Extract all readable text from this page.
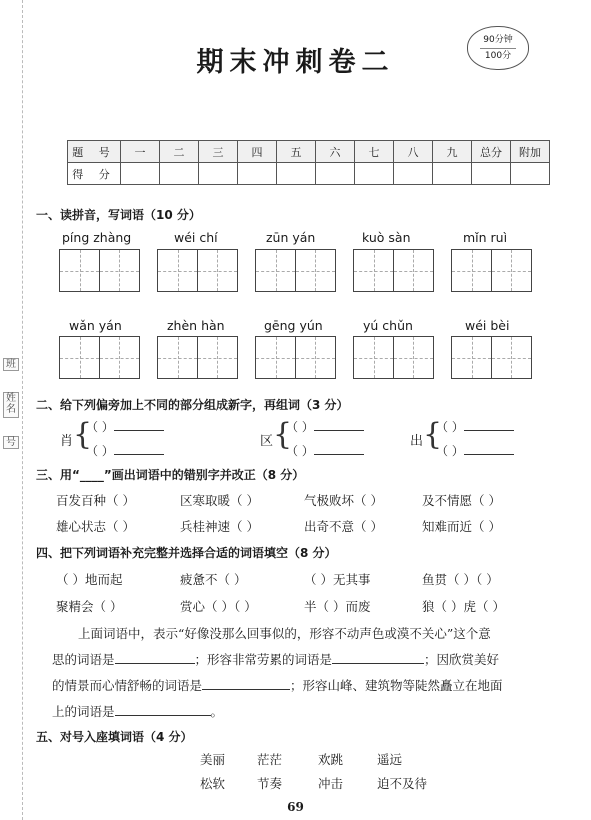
班
姓名
号
期末冲刺卷二
90分钟
100分
题 号	一	二	三	四	五	六	七	八	九	总分	附加
得 分											
一、读拼音，写词语（10 分）
píng zhàng	wéi chí	zūn yán	kuò sàn	mǐn ruì
wǎn yán	zhèn hàn	gēng yún	yú chǔn	wéi bèi
二、给下列偏旁加上不同的部分组成新字，再组词（3 分）
肖 {
（ ）
（ ）
区 {
（ ）
（ ）
出 {
（ ）
（ ）
三、用“____”画出词语中的错别字并改正（8 分）
百发百种（ ）	区寒取暖（ ）	气极败坏（ ）	及不情愿（ ）
雄心状志（ ）	兵桂神速（ ）	出奇不意（ ）	知难而近（ ）
四、把下列词语补充完整并选择合适的词语填空（8 分）
（ ）地而起	疲惫不（ ）	（ ）无其事	鱼贯（ ）（ ）
聚精会（ ）	赏心（ ）（ ）	半（ ）而废	狼（ ）虎（ ）
上面词语中，表示“好像没那么回事似的，形容不动声色或漠不关心”这个意
思的词语是	；形容非常劳累的词语是	；因欣赏美好
的情景而心情舒畅的词语是	；形容山峰、建筑物等陡然矗立在地面
上的词语是	。
五、对号入座填词语（4 分）
美丽	茫茫	欢跳	遥远
松软	节奏	冲击	迫不及待
69
